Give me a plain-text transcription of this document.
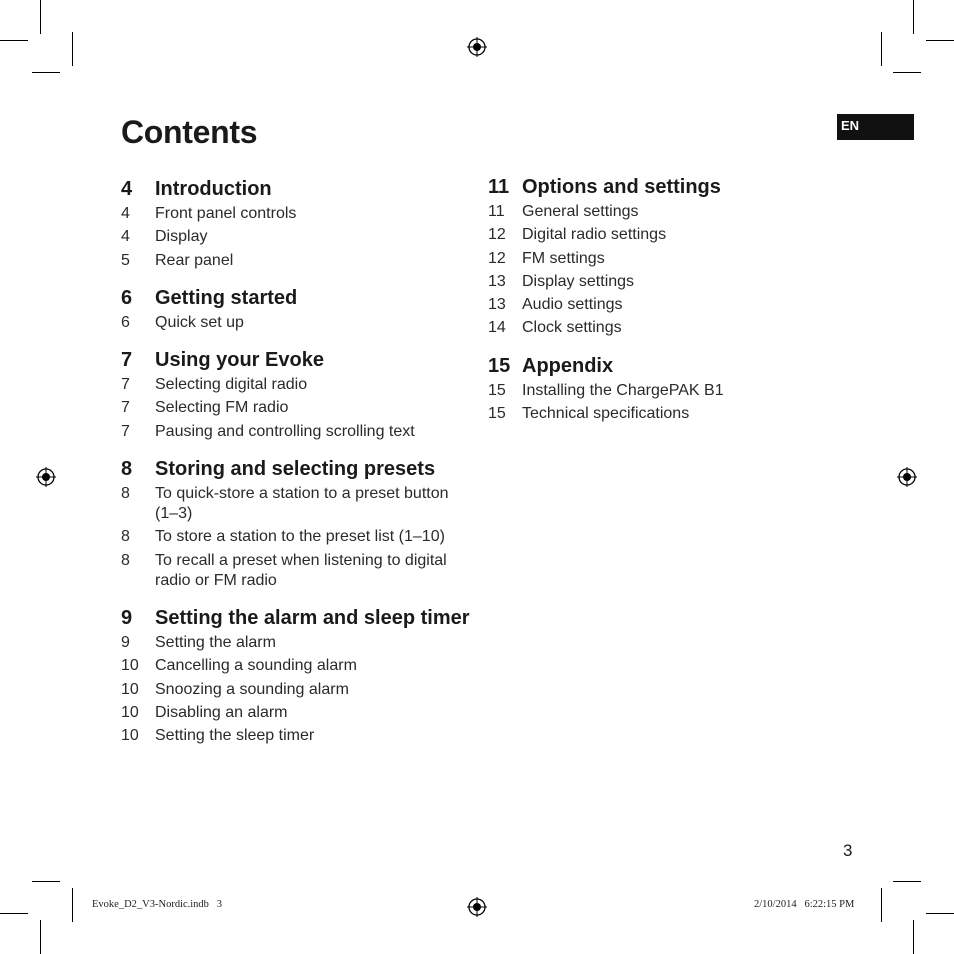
Contents	EN
4	Introduction
4	Front panel controls
4	Display
5	Rear panel
6	Getting started
6	Quick set up
7	Using your Evoke
7	Selecting digital radio
7	Selecting FM radio
7	Pausing and controlling scrolling text
8	Storing and selecting presets
8	To quick-store a station to a preset button (1–3)
8	To store a station to the preset list (1–10)
8	To recall a preset when listening to digital radio or FM radio
9	Setting the alarm and sleep timer
9	Setting the alarm
10	Cancelling a sounding alarm
10	Snoozing a sounding alarm
10	Disabling an alarm
10	Setting the sleep timer
11 Options and settings
11	General settings
12	Digital radio settings
12	FM settings
13	Display settings
13	Audio settings
14	Clock settings
15 Appendix
15	Installing the ChargePAK B1
15	Technical specifications
3
Evoke_D2_V3-Nordic.indb   3	2/10/2014   6:22:15 PM
